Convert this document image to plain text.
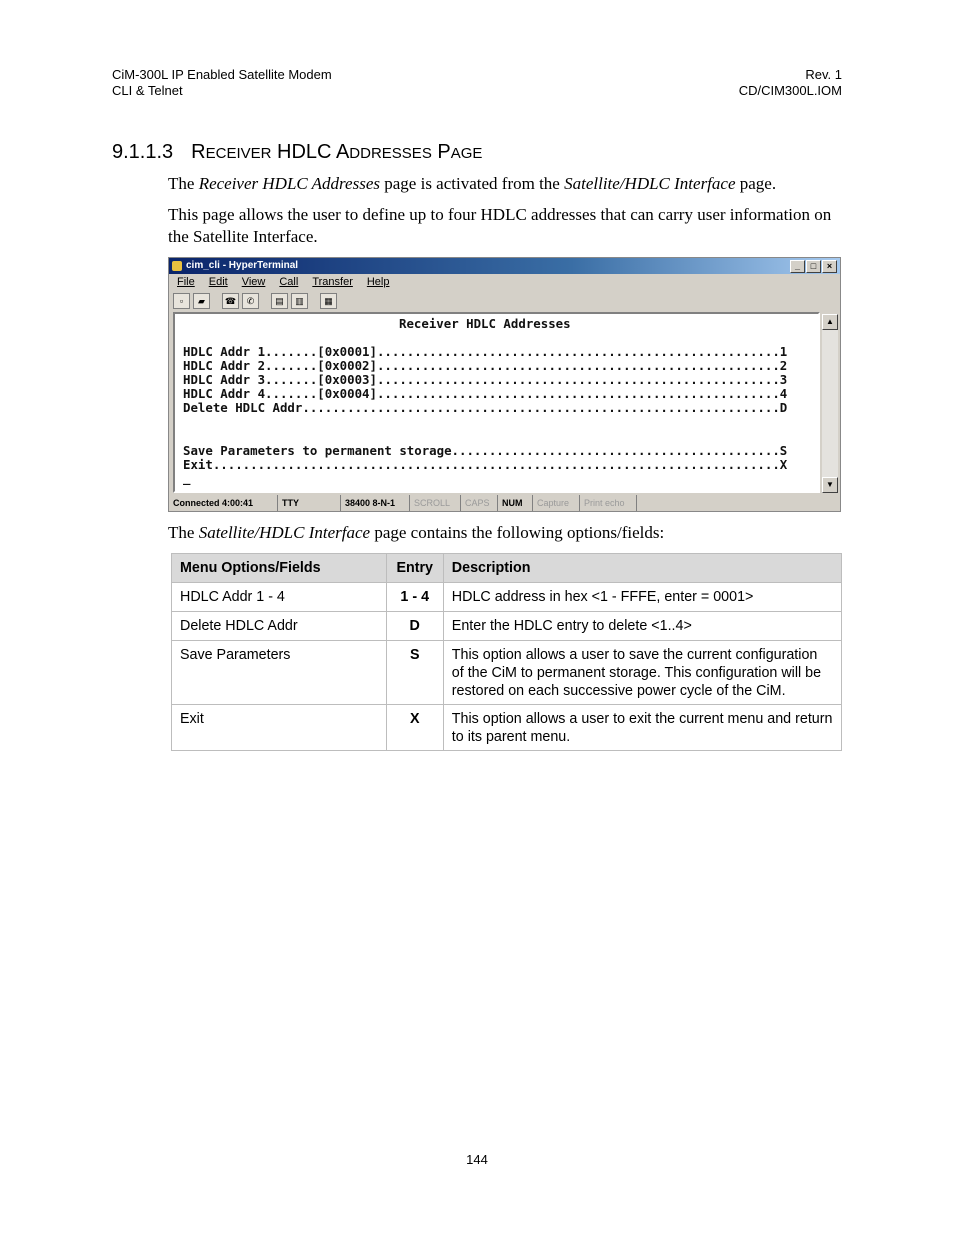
CiM-300L IP Enabled Satellite Modem
CLI & Telnet
Rev. 1
CD/CIM300L.IOM
9.1.1.3 RECEIVER HDLC ADDRESSES PAGE
The Receiver HDLC Addresses page is activated from the Satellite/HDLC Interface page.
This page allows the user to define up to four HDLC addresses that can carry user information on the Satellite Interface.
cim_cli - HyperTerminal	_	□	×
File Edit View Call Transfer Help
▫	▰	☎	✆	▤	▥	▦
Receiver HDLC Addresses
HDLC Addr 1.......[0x0001]......................................................1
HDLC Addr 2.......[0x0002]......................................................2
HDLC Addr 3.......[0x0003]......................................................3
HDLC Addr 4.......[0x0004]......................................................4
Delete HDLC Addr................................................................D
Save Parameters to permanent storage............................................S
Exit............................................................................X
_
▲
▼
Connected 4:00:41	TTY	38400 8-N-1	SCROLL	CAPS	NUM	Capture	Print echo
The Satellite/HDLC Interface page contains the following options/fields:
Menu Options/Fields	Entry	Description
HDLC Addr 1 - 4	1 - 4	HDLC address in hex <1 - FFFE, enter = 0001>
Delete HDLC Addr	D	Enter the HDLC entry to delete <1..4>
Save Parameters	S	This option allows a user to save the current configuration of the CiM to permanent storage. This configuration will be restored on each successive power cycle of the CiM.
Exit	X	This option allows a user to exit the current menu and return to its parent menu.
144
